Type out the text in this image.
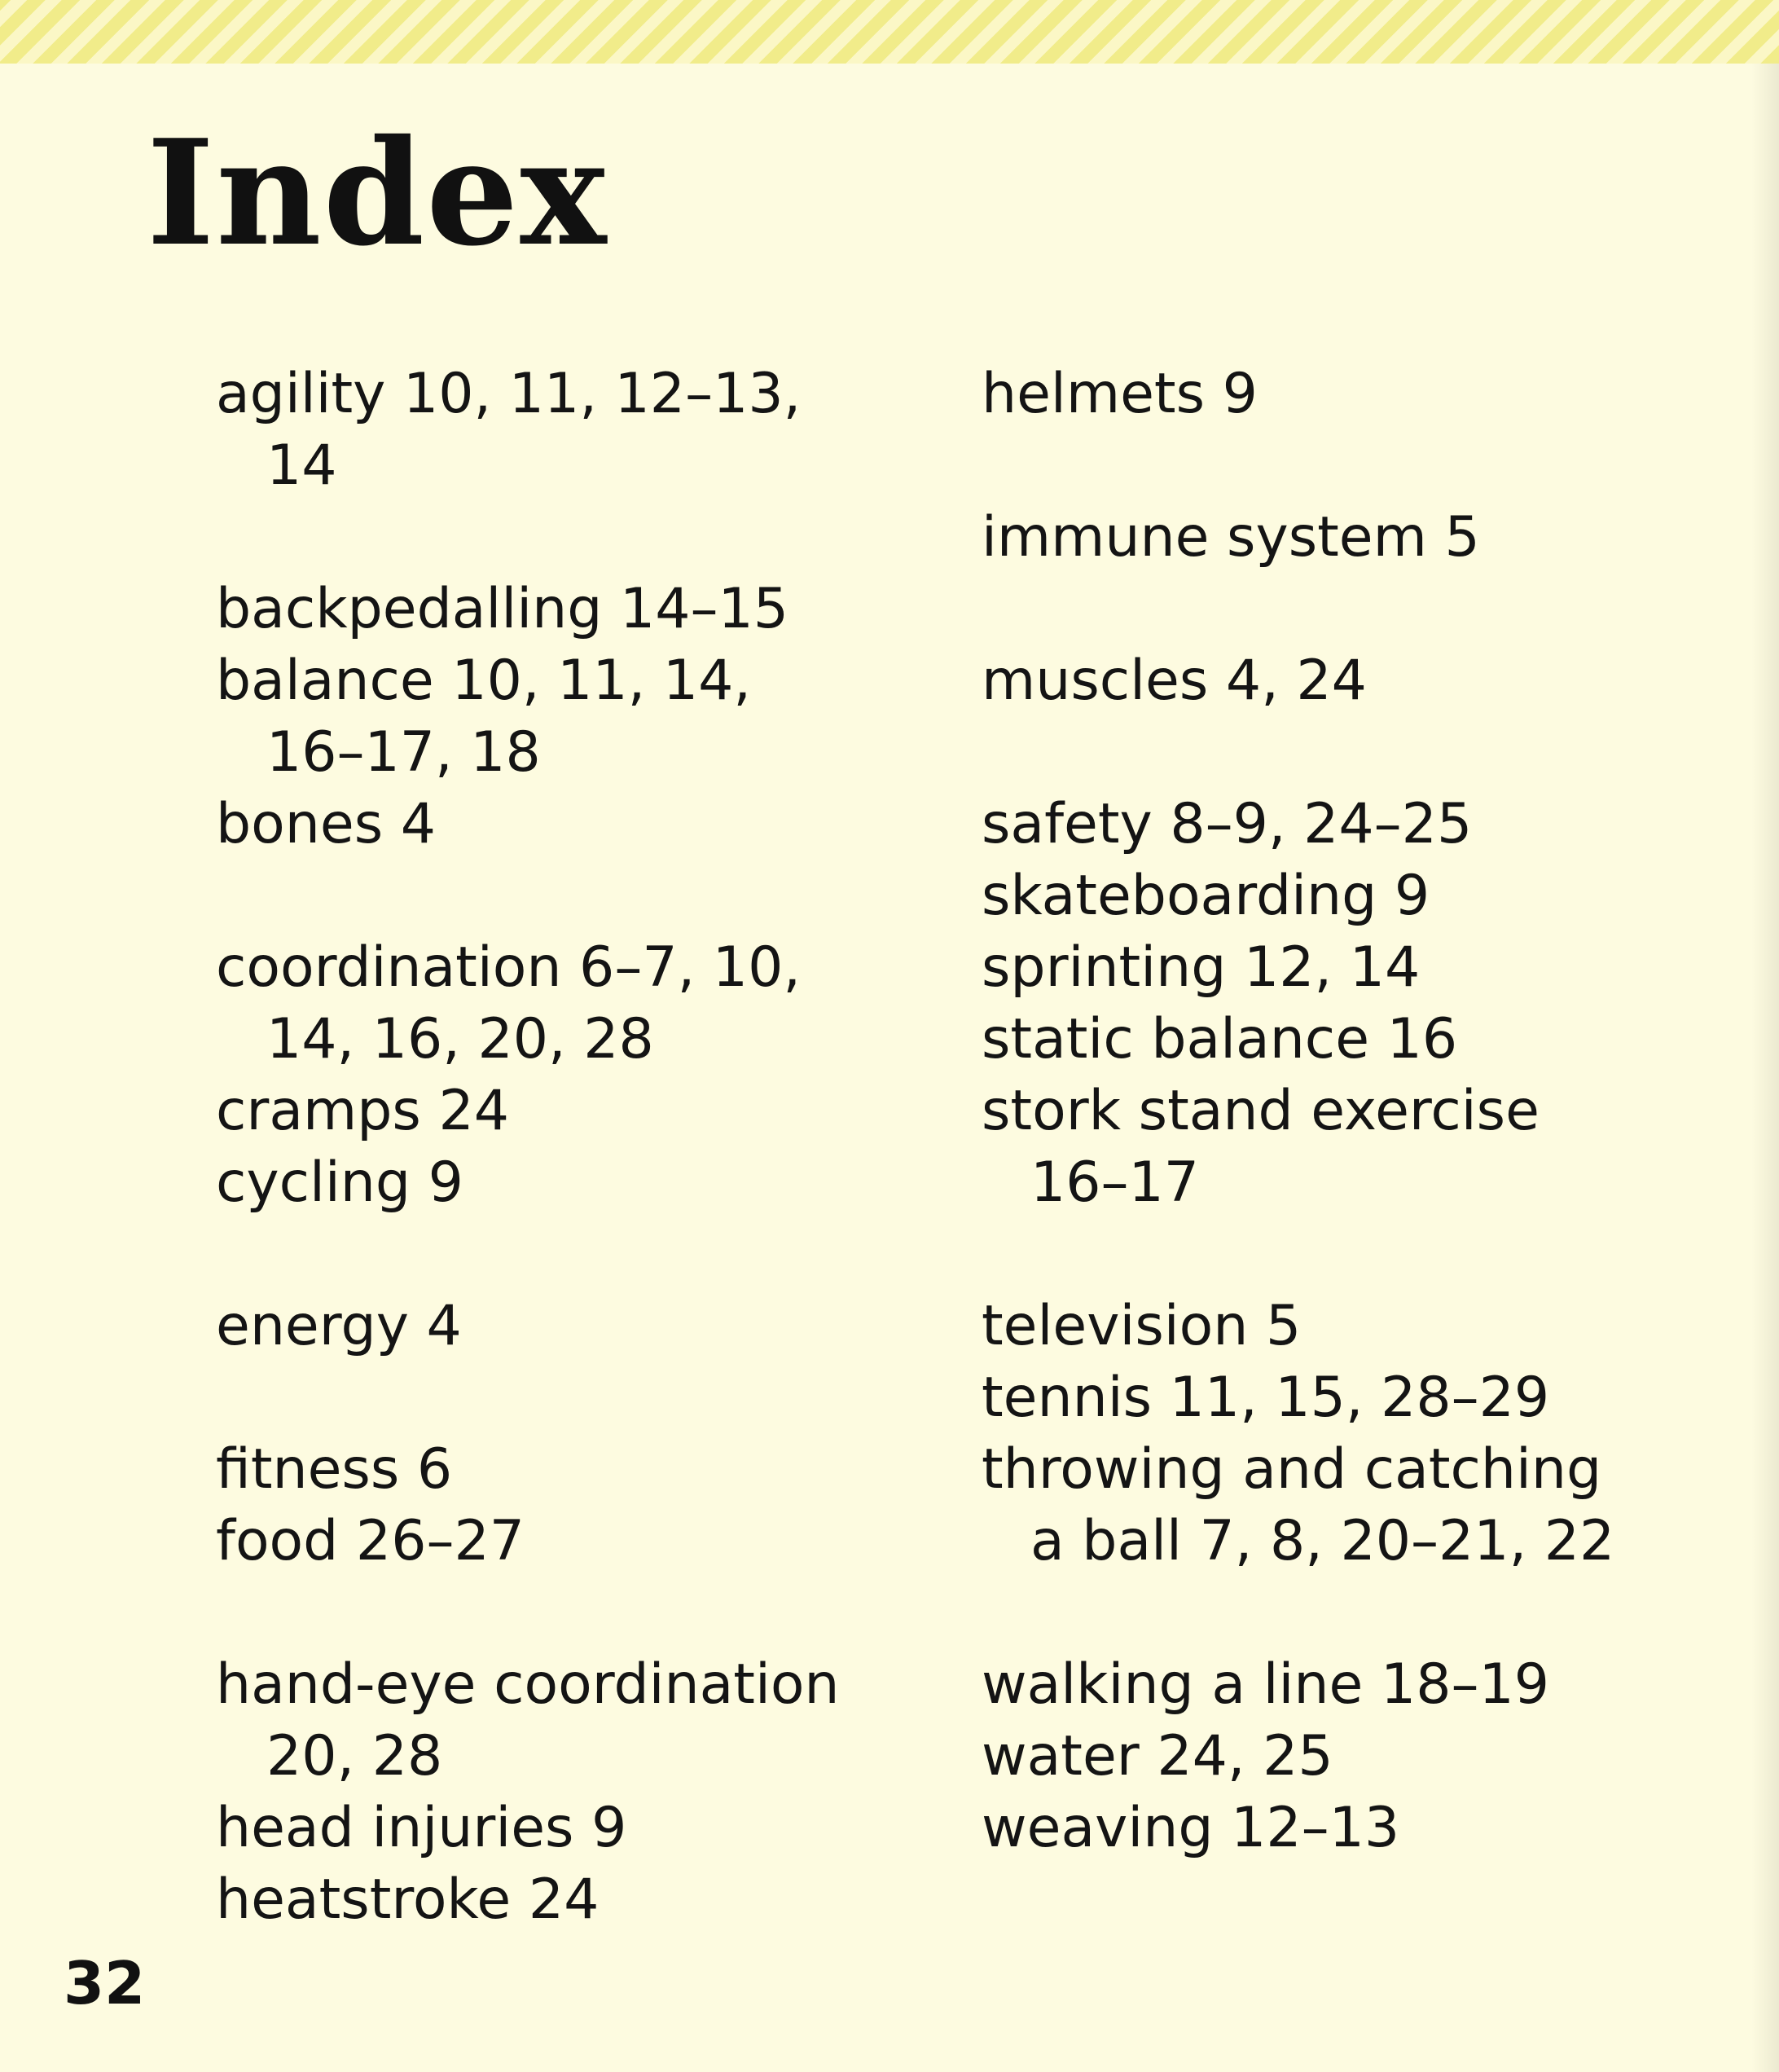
Index
agility 10, 11, 12–13,
14
backpedalling 14–15
balance 10, 11, 14,
16–17, 18
bones 4
coordination 6–7, 10,
14, 16, 20, 28
cramps 24
cycling 9
energy 4
fitness 6
food 26–27
hand-eye coordination
20, 28
head injuries 9
heatstroke 24
helmets 9
immune system 5
muscles 4, 24
safety 8–9, 24–25
skateboarding 9
sprinting 12, 14
static balance 16
stork stand exercise
16–17
television 5
tennis 11, 15, 28–29
throwing and catching
a ball 7, 8, 20–21, 22
walking a line 18–19
water 24, 25
weaving 12–13
32
